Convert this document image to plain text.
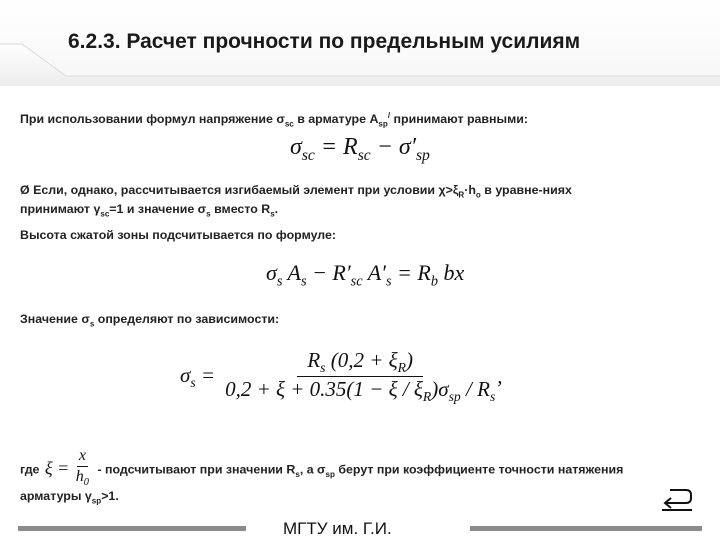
6.2.3. Расчет прочности по предельным усилиям
При использовании формул напряжение $\sigma_{sc}$ в арматуре $A_{sp}^/$ принимают равными:
$\sigma_{sc} = R_{sc} - \sigma'_{sp}$
Ø Если, однако, рассчитывается изгибаемый элемент при условии $\chi>\xi_R\cdot h_o$ в уравне-ниях
принимают $\gamma_{sc}=1$ и значение $\sigma_s$ вместо $R_s$.
Высота сжатой зоны подсчитывается по формуле:
$\sigma_s$ $A_s - R'_{sc}$ $A'_s = R_b$ bx
Значение $\sigma_s$ определяют по зависимости:
$\sigma_s = \frac{R_s (0,2 + \xi_R)}{0,2 + \xi + 0.35(1 - \xi / \xi_R)\sigma_{sp} / R_s}$ ,
где $\xi = \frac{x}{h_0}$ - подсчитывают при значении $R_s$, а $\sigma_{sp}$ берут при коэффициенте точности натяжения
арматуры $\gamma_{sp}>1$.
МГТУ им. Г.И.
